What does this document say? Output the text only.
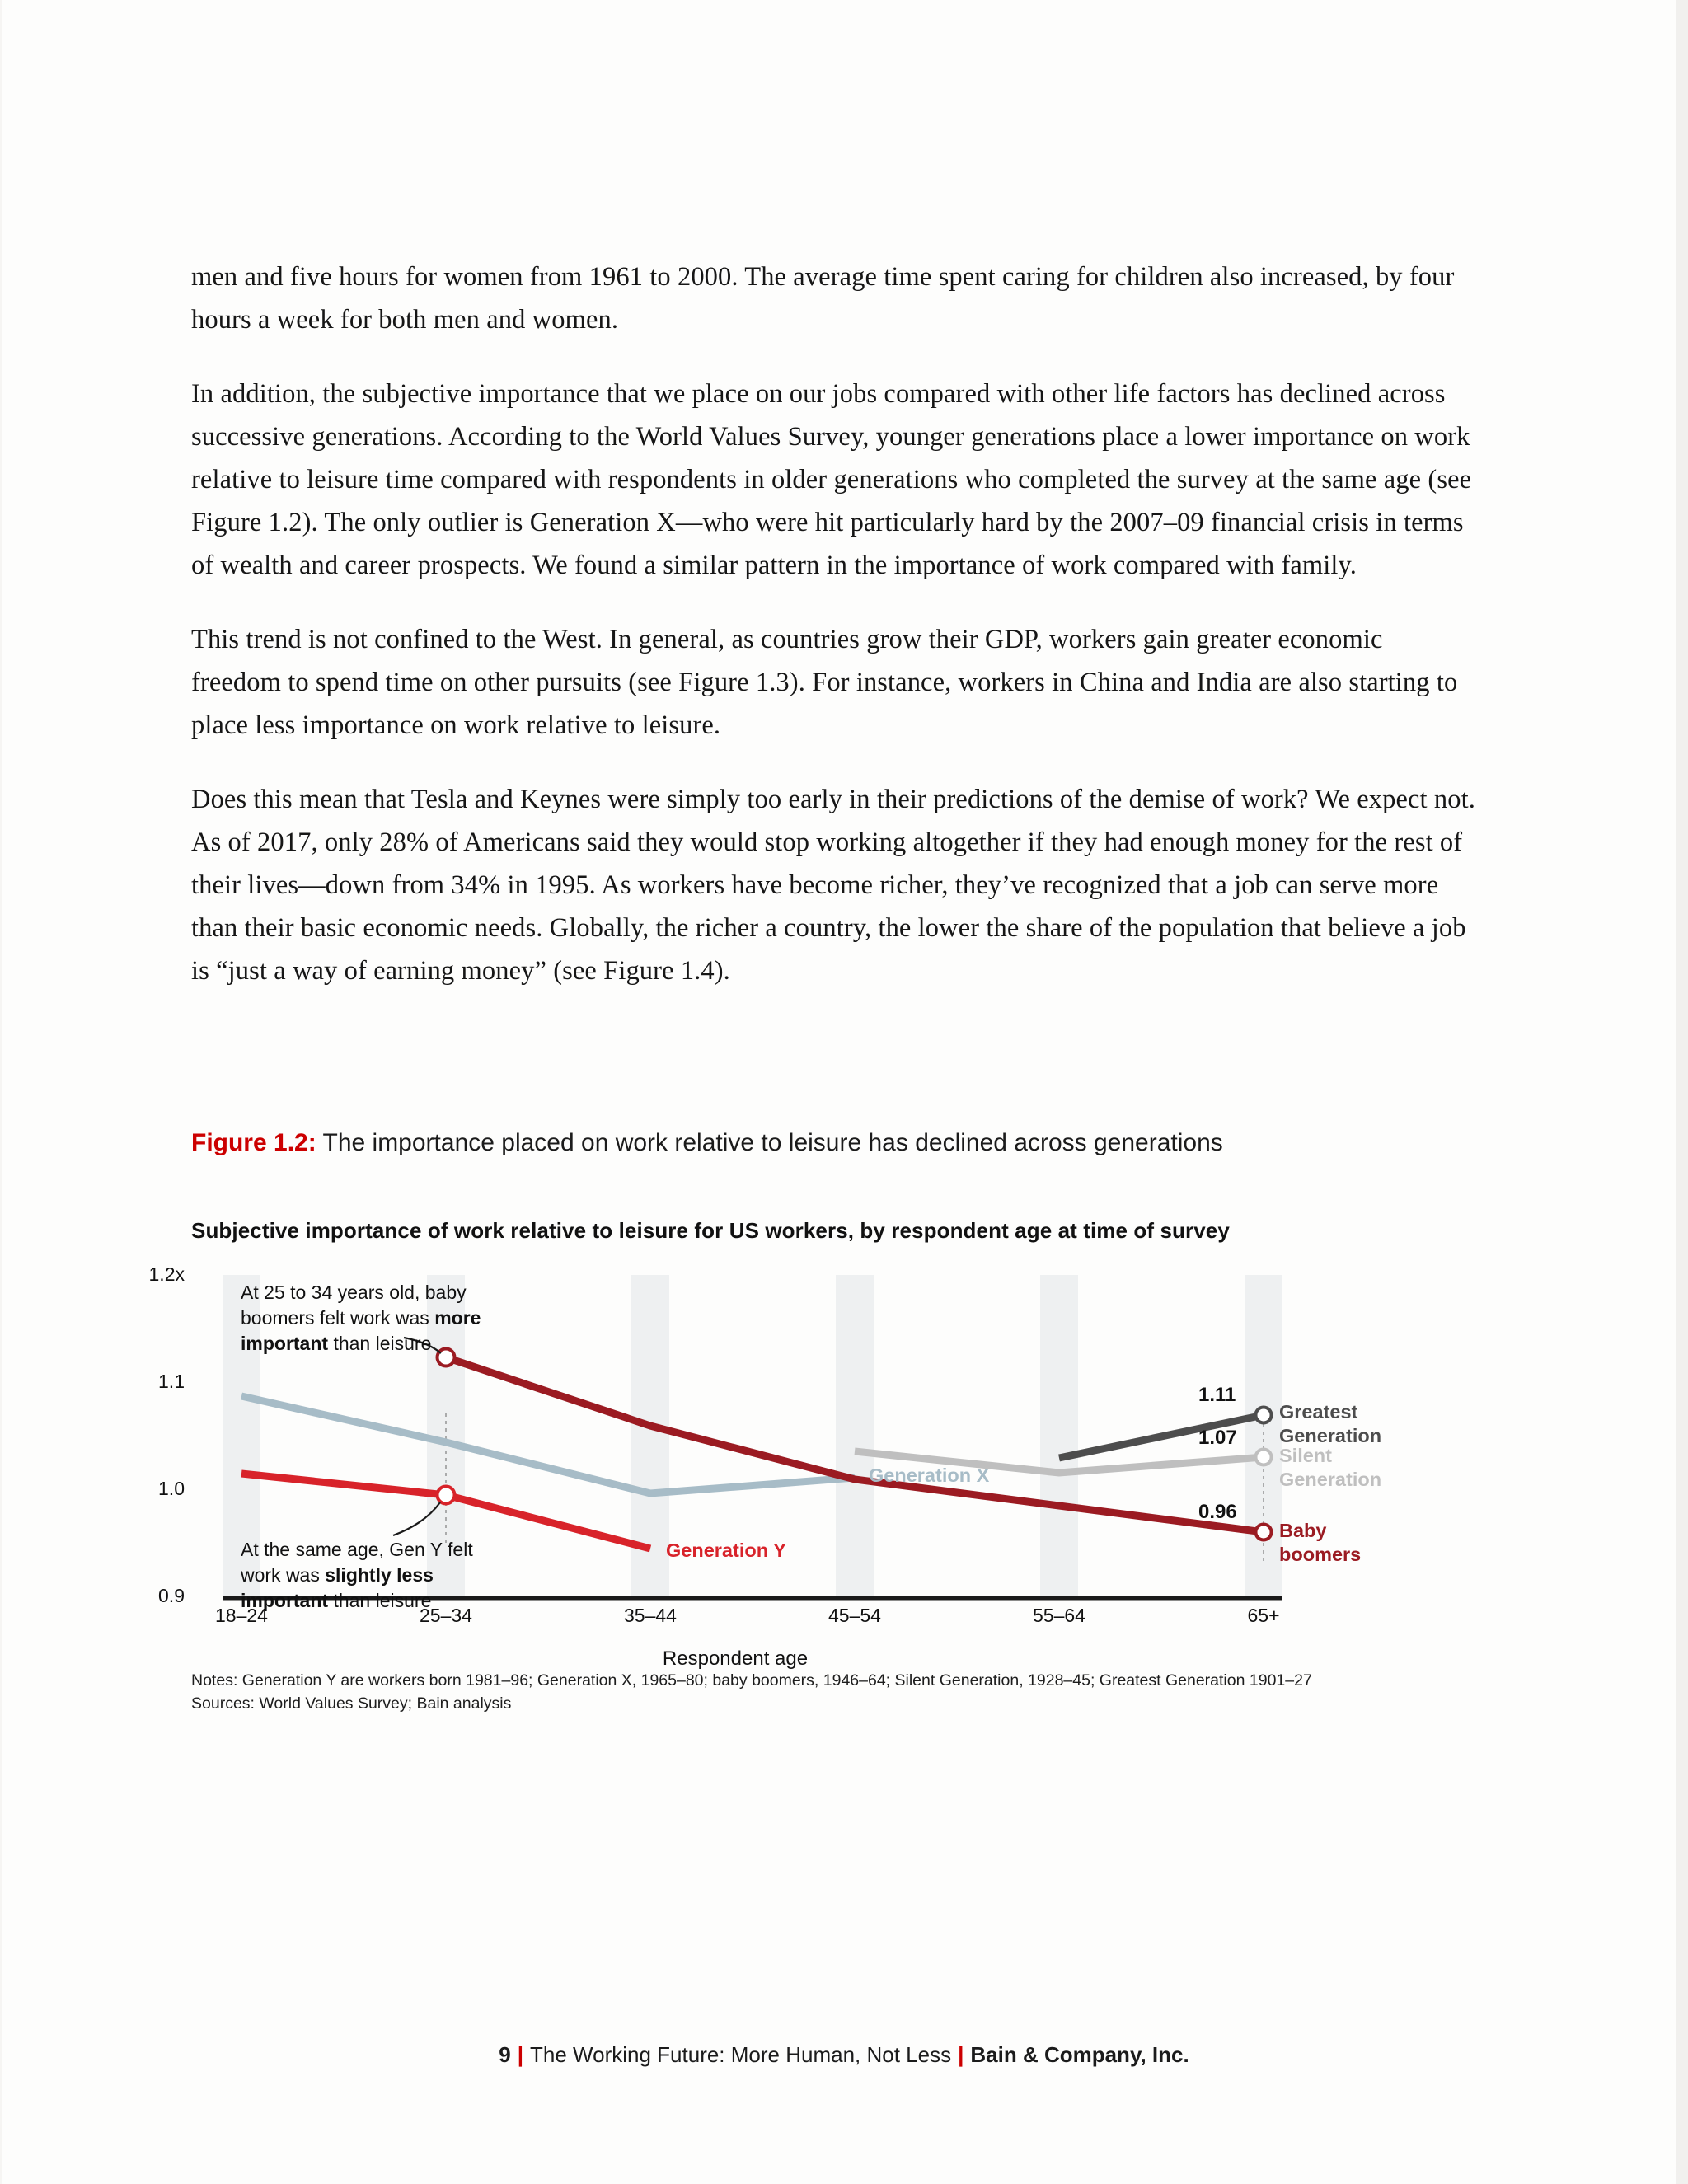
men and five hours for women from 1961 to 2000. The average time spent caring for children also increased, by four hours a week for both men and women.

In addition, the subjective importance that we place on our jobs compared with other life factors has declined across successive generations. According to the World Values Survey, younger generations place a lower importance on work relative to leisure time compared with respondents in older generations who completed the survey at the same age (see Figure 1.2). The only outlier is Generation X—who were hit particularly hard by the 2007–09 financial crisis in terms of wealth and career prospects. We found a similar pattern in the importance of work compared with family.

This trend is not confined to the West. In general, as countries grow their GDP, workers gain greater economic freedom to spend time on other pursuits (see Figure 1.3). For instance, workers in China and India are also starting to place less importance on work relative to leisure.

Does this mean that Tesla and Keynes were simply too early in their predictions of the demise of work? We expect not. As of 2017, only 28% of Americans said they would stop working altogether if they had enough money for the rest of their lives—down from 34% in 1995. As workers have become richer, they’ve recognized that a job can serve more than their basic economic needs. Globally, the richer a country, the lower the share of the population that believe a job is “just a way of earning money” (see Figure 1.4).

Figure 1.2: The importance placed on work relative to leisure has declined across generations
Subjective importance of work relative to leisure for US workers, by respondent age at time of survey
1.2x
1.1
1.0
0.9
18–24	25–34	35–44	45–54	55–64	65+
Respondent age
At 25 to 34 years old, baby boomers felt work was more important than leisure
At the same age, Gen Y felt work was slightly less important than leisure
Greatest Generation
Silent Generation
Baby boomers
Generation X
Generation Y
1.11
1.07
0.96
Notes: Generation Y are workers born 1981–96; Generation X, 1965–80; baby boomers, 1946–64; Silent Generation, 1928–45; Greatest Generation 1901–27
Sources: World Values Survey; Bain analysis
9 | The Working Future: More Human, Not Less | Bain & Company, Inc.
